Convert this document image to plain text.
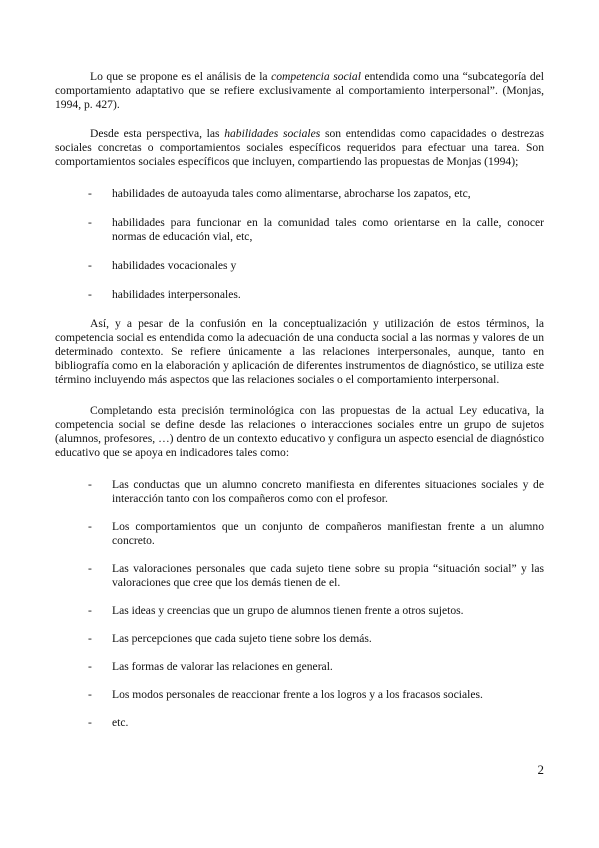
Lo que se propone es el análisis de la competencia social entendida como una “subcategoría del comportamiento adaptativo que se refiere exclusivamente al comportamiento interpersonal”. (Monjas, 1994, p. 427).

Desde esta perspectiva, las habilidades sociales son entendidas como capacidades o destrezas sociales concretas o comportamientos sociales específicos requeridos para efectuar una tarea. Son comportamientos sociales específicos que incluyen, compartiendo las propuestas de Monjas (1994);

- habilidades de autoayuda tales como alimentarse, abrocharse los zapatos, etc,
- habilidades para funcionar en la comunidad tales como orientarse en la calle, conocer normas de educación vial, etc,
- habilidades vocacionales y
- habilidades interpersonales.

Así, y a pesar de la confusión en la conceptualización y utilización de estos términos, la competencia social es entendida como la adecuación de una conducta social a las normas y valores de un determinado contexto. Se refiere únicamente a las relaciones interpersonales, aunque, tanto en bibliografía como en la elaboración y aplicación de diferentes instrumentos de diagnóstico, se utiliza este término incluyendo más aspectos que las relaciones sociales o el comportamiento interpersonal.

Completando esta precisión terminológica con las propuestas de la actual Ley educativa, la competencia social se define desde las relaciones o interacciones sociales entre un grupo de sujetos (alumnos, profesores, …) dentro de un contexto educativo y configura un aspecto esencial de diagnóstico educativo que se apoya en indicadores tales como:

- Las conductas que un alumno concreto manifiesta en diferentes situaciones sociales y de interacción tanto con los compañeros como con el profesor.
- Los comportamientos que un conjunto de compañeros manifiestan frente a un alumno concreto.
- Las valoraciones personales que cada sujeto tiene sobre su propia “situación social” y las valoraciones que cree que los demás tienen de el.
- Las ideas y creencias que un grupo de alumnos tienen frente a otros sujetos.
- Las percepciones que cada sujeto tiene sobre los demás.
- Las formas de valorar las relaciones en general.
- Los modos personales de reaccionar frente a los logros y a los fracasos sociales.
- etc.
2
